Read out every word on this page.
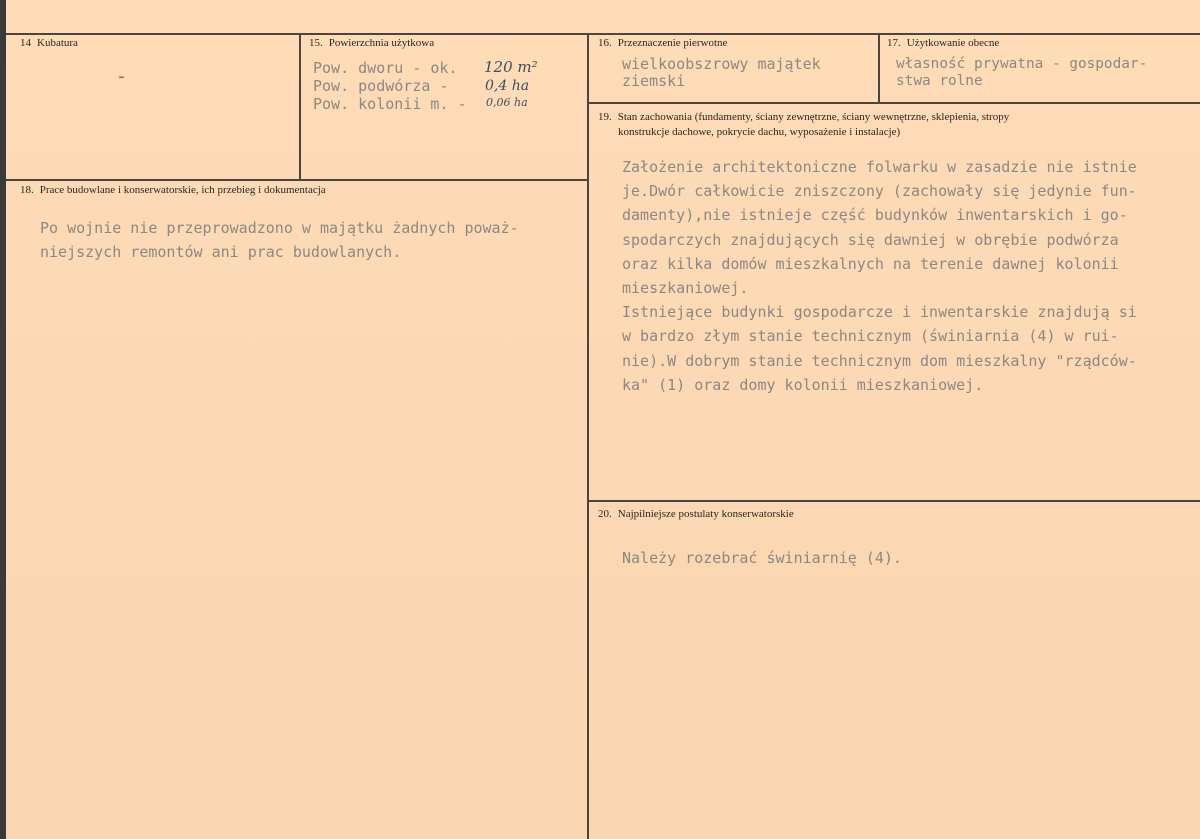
14 Kubatura
-
15. Powierzchnia użytkowa
Pow. dworu - ok.
Pow. podwórza -
Pow. kolonii m. -
120 m²
0,4 ha
0,06 ha
16. Przeznaczenie pierwotne
wielkoobszrowy majątek
ziemski
17. Użytkowanie obecne
własność prywatna - gospodar-
stwa rolne
18. Prace budowlane i konserwatorskie, ich przebieg i dokumentacja
Po wojnie nie przeprowadzono w majątku żadnych poważ-
niejszych remontów ani prac budowlanych.
19. Stan zachowania (fundamenty, ściany zewnętrzne, ściany wewnętrzne, sklepienia, stropy
konstrukcje dachowe, pokrycie dachu, wyposażenie i instalacje)
Założenie architektoniczne folwarku w zasadzie nie istnie
je.Dwór całkowicie zniszczony (zachowały się jedynie fun-
damenty),nie istnieje część budynków inwentarskich i go-
spodarczych znajdujących się dawniej w obrębie podwórza
oraz kilka domów mieszkalnych na terenie dawnej kolonii
mieszkaniowej.
Istniejące budynki gospodarcze i inwentarskie znajdują si
w bardzo złym stanie technicznym (świniarnia (4) w rui-
nie).W dobrym stanie technicznym dom mieszkalny "rządców-
ka" (1) oraz domy kolonii mieszkaniowej.
20. Najpilniejsze postulaty konserwatorskie
Należy rozebrać świniarnię (4).
